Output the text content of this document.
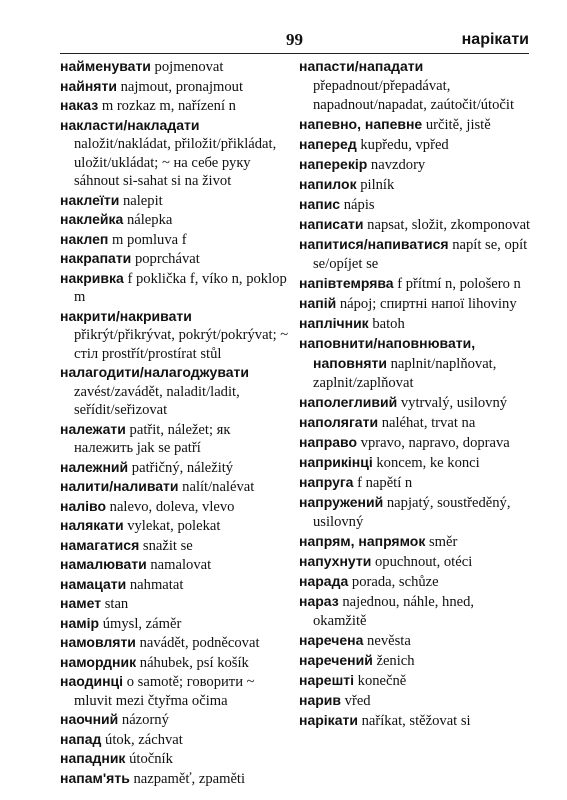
99	нарікати
найменувати pojmenovat
найняти najmout, pronajmout
наказ m rozkaz m, nařízení n
накласти/накладати naložit/nakládat, přiložit/přikládat, uložit/ukládat; ~ на себе руку sáhnout si-sahat si na život
наклеїти nalepit
наклейка nálepka
наклеп m pomluva f
накрапати poprchávat
накривка f poklička f, víko n, poklop m
накрити/накривати přikrýt/přikrývat, pokrýt/pokrývat; ~ стіл prostřít/prostírat stůl
налагодити/налагоджувати zavést/zavádět, naladit/ladit, seřídit/seřizovat
належати patřit, náležet; як належить jak se patří
належний patřičný, náležitý
налити/наливати nalít/nalévat
наліво nalevo, doleva, vlevo
налякати vylekat, polekat
намагатися snažit se
намалювати namalovat
намацати nahmatat
намет stan
намір úmysl, záměr
намовляти navádět, podněcovat
намордник náhubek, psí košík
наодинці o samotě; говорити ~ mluvit mezi čtyřma očima
наочний názorný
напад útok, záchvat
нападник útočník
напам'ять nazpaměť, zpaměti
напасти/нападати přepadnout/přepadávat, napadnout/napadat, zaútočit/útočit
напевно, напевне určitě, jistě
наперед kupředu, vpřed
наперекір navzdory
напилок pilník
напис nápis
написати napsat, složit, zkomponovat
напитися/напиватися napít se, opít se/opíjet se
напівтемрява f přítmí n, pološero n
напій nápoj; спиртні напої lihoviny
наплічник batoh
наповнити/наповнювати, наповняти naplnit/naplňovat, zaplnit/zaplňovat
наполегливий vytrvalý, usilovný
наполягати naléhat, trvat na
направо vpravo, napravo, doprava
наприкінці koncem, ke konci
напруга f napětí n
напружений napjatý, soustředěný, usilovný
напрям, напрямок směr
напухнути opuchnout, otéci
нарада porada, schůze
нараз najednou, náhle, hned, okamžitě
наречена nevěsta
наречений ženich
нарешті konečně
нарив vřed
нарікати naříkat, stěžovat si
